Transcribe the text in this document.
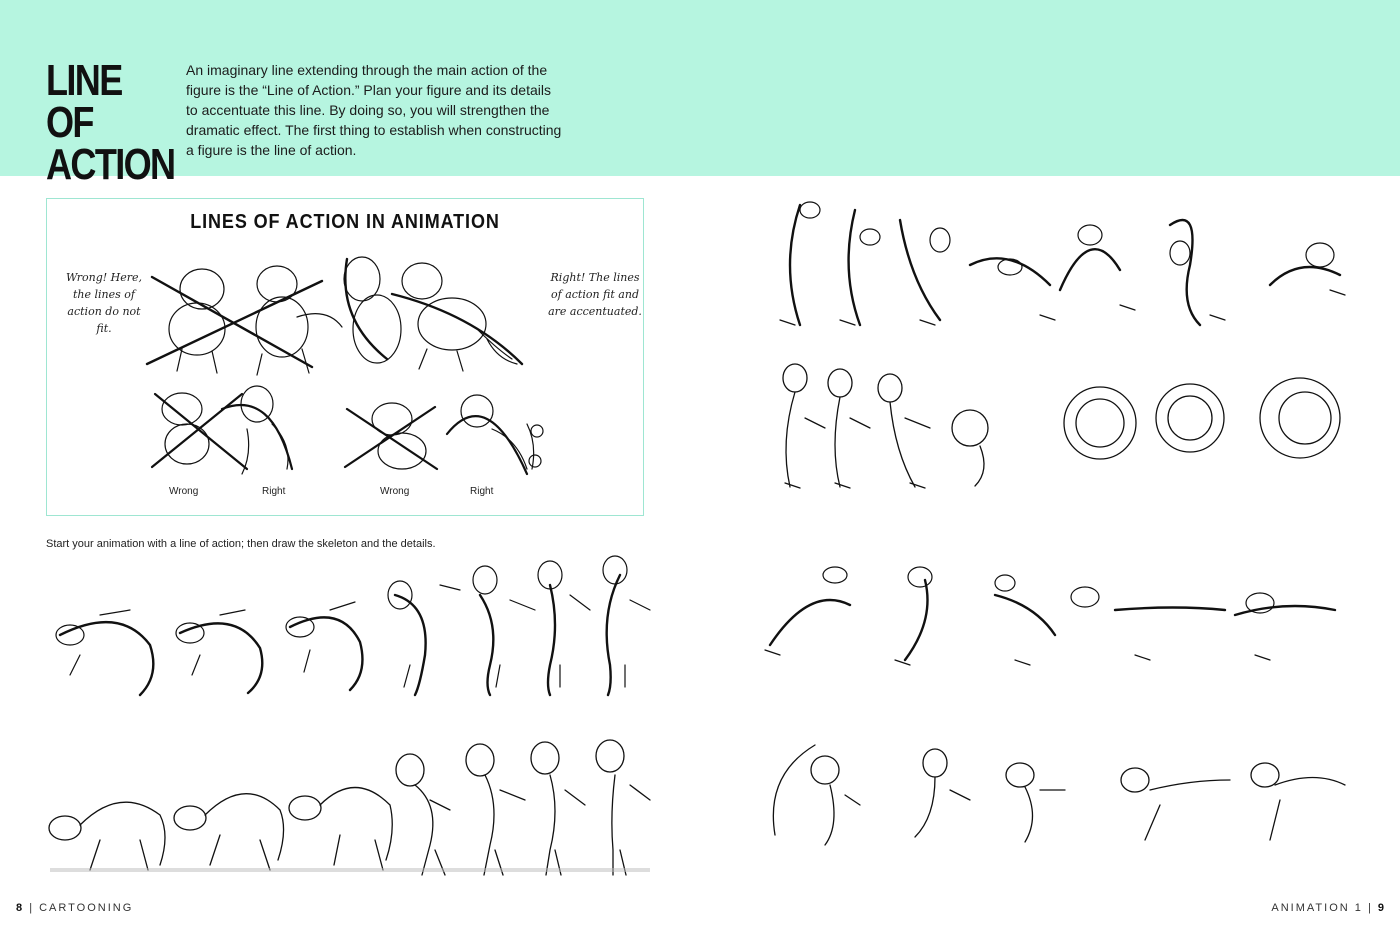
LINE OF
ACTION
An imaginary line extending through the main action of the figure is the “Line of Action.” Plan your figure and its details to accentuate this line. By doing so, you will strengthen the dramatic effect. The first thing to establish when constructing a figure is the line of action.
LINES OF ACTION IN ANIMATION
Wrong! Here, the lines of action do not fit.
Right! The lines of action fit and are accentuated.
Wrong	Right	Wrong	Right
Start your animation with a line of action; then draw the skeleton and the details.
8 | CARTOONING	ANIMATION 1 | 9
